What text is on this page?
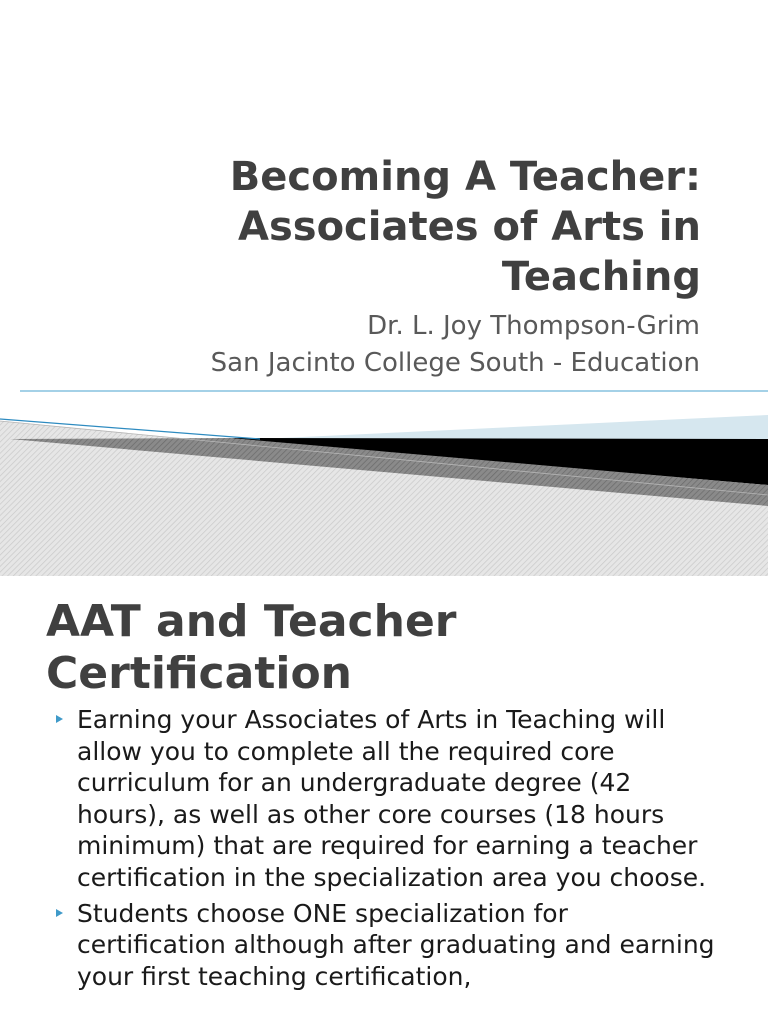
Becoming A Teacher:
Associates of Arts in
Teaching
Dr. L. Joy Thompson-Grim
San Jacinto College South - Education
AAT and Teacher
Certification
Earning your Associates of Arts in Teaching will allow you to complete all the required core curriculum for an undergraduate degree (42 hours), as well as other core courses (18 hours minimum) that are required for earning a teacher certification in the specialization area you choose.
Students choose ONE specialization for certification although after graduating and earning your first teaching certification,
